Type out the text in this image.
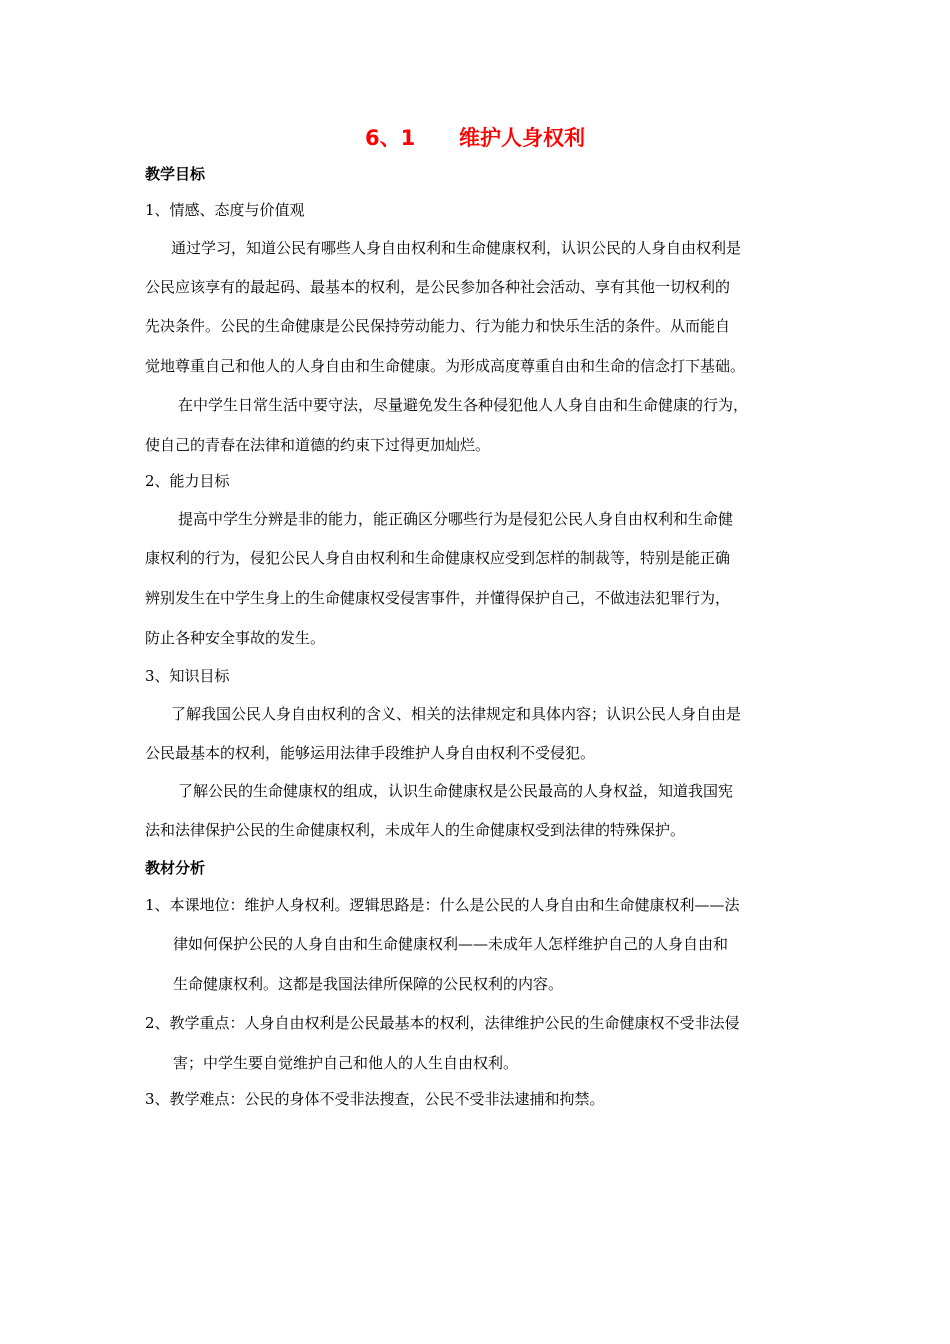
6、1      维护人身权利
教学目标
1、情感、态度与价值观
通过学习，知道公民有哪些人身自由权利和生命健康权利，认识公民的人身自由权利是
公民应该享有的最起码、最基本的权利，是公民参加各种社会活动、享有其他一切权利的
先决条件。公民的生命健康是公民保持劳动能力、行为能力和快乐生活的条件。从而能自
觉地尊重自己和他人的人身自由和生命健康。为形成高度尊重自由和生命的信念打下基础。
在中学生日常生活中要守法，尽量避免发生各种侵犯他人人身自由和生命健康的行为，
使自己的青春在法律和道德的约束下过得更加灿烂。
2、能力目标
提高中学生分辨是非的能力，能正确区分哪些行为是侵犯公民人身自由权利和生命健
康权利的行为，侵犯公民人身自由权利和生命健康权应受到怎样的制裁等，特别是能正确
辨别发生在中学生身上的生命健康权受侵害事件，并懂得保护自己，不做违法犯罪行为，
防止各种安全事故的发生。
3、知识目标
了解我国公民人身自由权利的含义、相关的法律规定和具体内容；认识公民人身自由是
公民最基本的权利，能够运用法律手段维护人身自由权利不受侵犯。
了解公民的生命健康权的组成，认识生命健康权是公民最高的人身权益，知道我国宪
法和法律保护公民的生命健康权利，未成年人的生命健康权受到法律的特殊保护。
教材分析
1、本课地位：维护人身权利。逻辑思路是：什么是公民的人身自由和生命健康权利——法
律如何保护公民的人身自由和生命健康权利——未成年人怎样维护自己的人身自由和
生命健康权利。这都是我国法律所保障的公民权利的内容。
2、教学重点：人身自由权利是公民最基本的权利，法律维护公民的生命健康权不受非法侵
害；中学生要自觉维护自己和他人的人生自由权利。
3、教学难点：公民的身体不受非法搜查，公民不受非法逮捕和拘禁。
